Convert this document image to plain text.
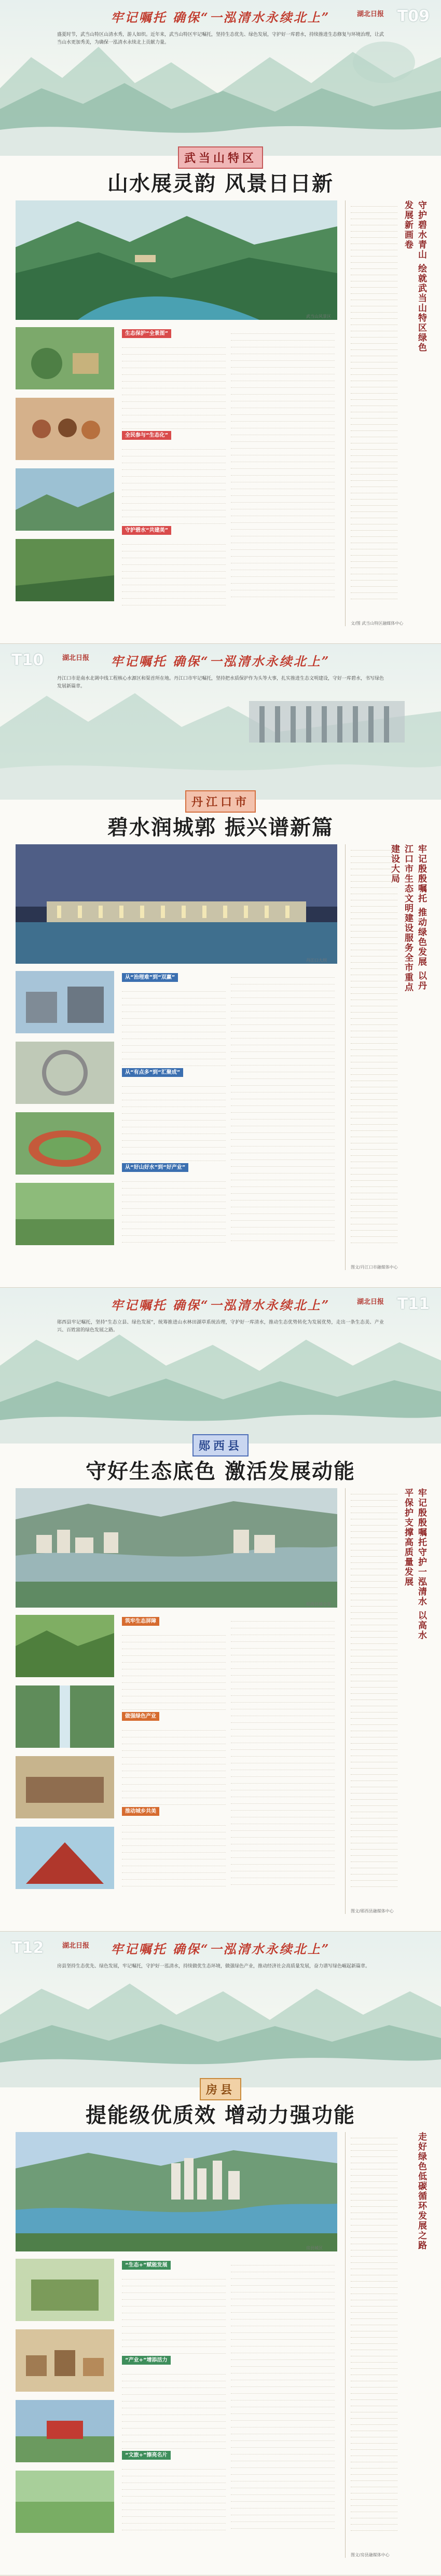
湖北日报 T09
牢记嘱托 确保“一泓清水永续北上”
盛夏时节，武当山特区山清水秀，游人如织。近年来，武当山特区牢记嘱托，坚持生态优先、绿色发展，守护好一库碧水，持续推进生态修复与环境治理，让武当山水更加秀美，为确保一泓清水永续北上贡献力量。
武当山特区
山水展灵韵 风景日日新
武当山风景区
生态保护“全景图”
全民参与“生态化”
守护碧水“共建美”
守护碧水青山 绘就武当山特区绿色发展新画卷
文/图 武当山特区融媒体中心
T10	湖北日报	牢记嘱托 确保“一泓清水永续北上”
丹江口市是南水北调中线工程核心水源区和渠首所在地。丹江口市牢记嘱托，坚持把水质保护作为头等大事，扎实推进生态文明建设，守好一库碧水，书写绿色发展新篇章。
丹江口市
碧水润城郭 振兴谱新篇
丹江口大坝
从“治理难”到“双赢”
从“有点多”到“汇聚成”
从“好山好水”到“好产业”
牢记殷殷嘱托 推动绿色发展 以丹江口市生态文明建设服务全市重点建设大局
图文/丹江口市融媒体中心
湖北日报 T11
牢记嘱托 确保“一泓清水永续北上”
郧西县牢记嘱托，坚持“生态立县、绿色发展”，统筹推进山水林田湖草系统治理，守护好一库清水，推动生态优势转化为发展优势，走出一条生态美、产业兴、百姓富的绿色发展之路。
郧西县
守好生态底色 激活发展动能
郧西县城全景
筑牢生态屏障
做强绿色产业
推动城乡共美
牢记殷殷嘱托守护一泓清水 以高水平保护支撑高质量发展
图文/郧西县融媒体中心
T12	湖北日报	牢记嘱托 确保“一泓清水永续北上”
房县坚持生态优先、绿色发展，牢记嘱托，守护好一泓清水，持续做优生态环境，做强绿色产业，推动经济社会高质量发展，奋力谱写绿色崛起新篇章。
房县
提能级优质效 增动力强功能
房县城区
“生态+”赋能发展
“产业+”增添活力
“文旅+”擦亮名片
走好绿色低碳循环发展之路
图文/房县融媒体中心
